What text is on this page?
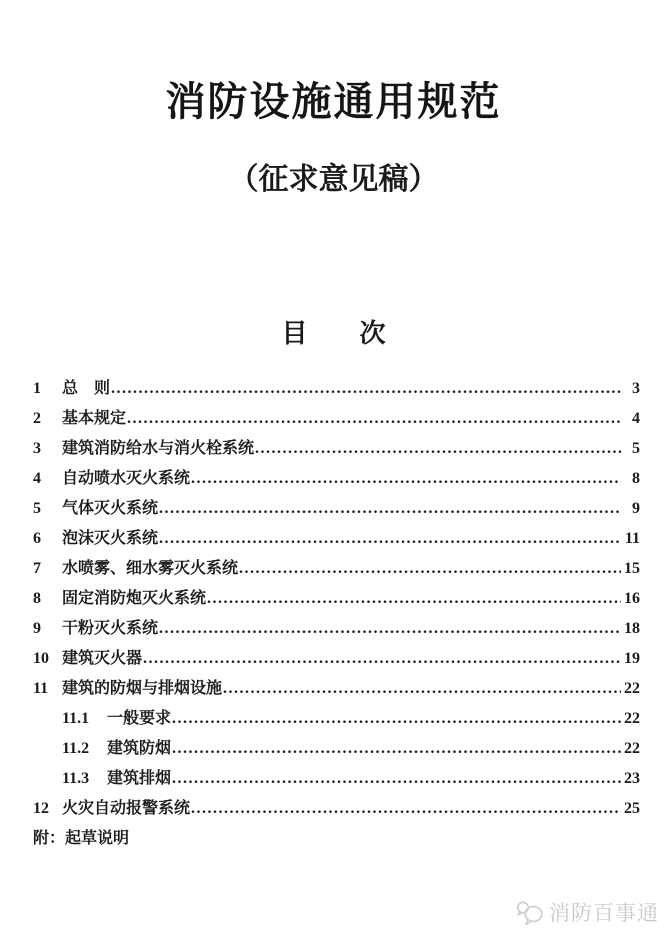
消防设施通用规范
（征求意见稿）
目　　次
1	总　则 .....	3
2	基本规定 .....	4
3	建筑消防给水与消火栓系统 .....	5
4	自动喷水灭火系统 .....	8
5	气体灭火系统 .....	9
6	泡沫灭火系统 .....	11
7	水喷雾、细水雾灭火系统 .....	15
8	固定消防炮灭火系统 .....	16
9	干粉灭火系统 .....	18
10 建筑灭火器 .....	19
11 建筑的防烟与排烟设施 .....	22
11.1	一般要求 .....	22
11.2	建筑防烟 .....	22
11.3	建筑排烟 .....	23
12 火灾自动报警系统 .....	25
附： 起草说明
消防百事通
